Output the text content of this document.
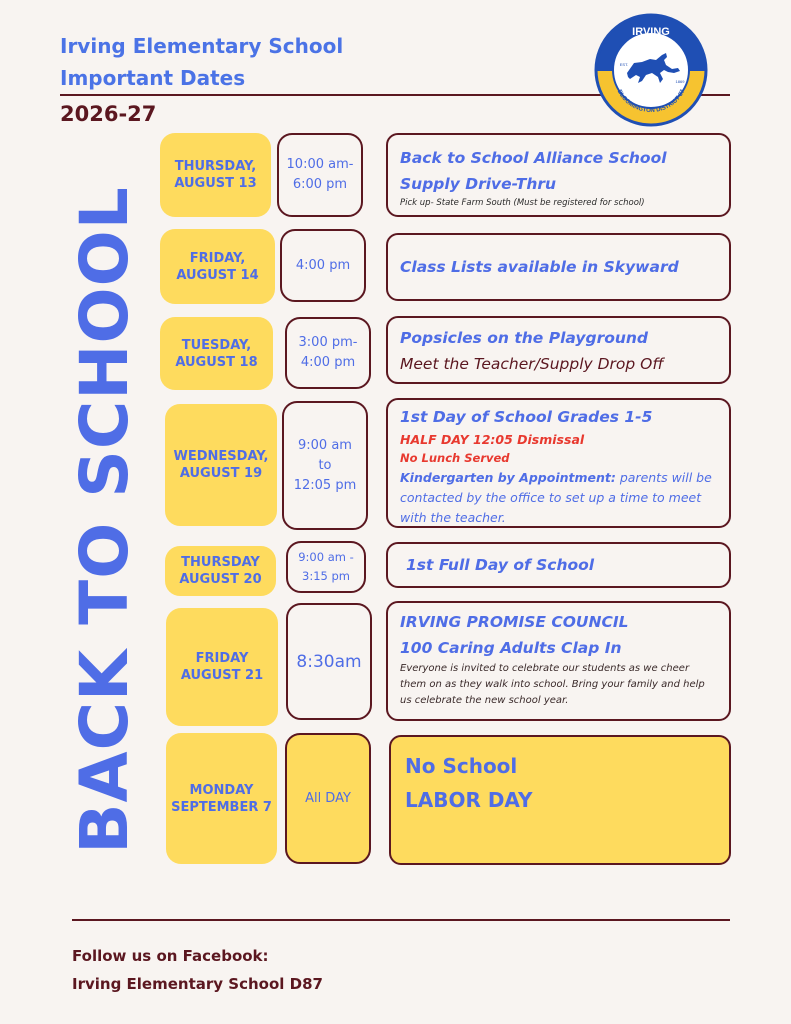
Irving Elementary School
Important Dates
2026-27
IRVING
EST.
1869
BLOOMINGTON DISTRICT 87
BACK TO SCHOOL
THURSDAY,
AUGUST 13
10:00 am-
6:00 pm
Back to School Alliance School Supply Drive-Thru
Pick up- State Farm South (Must be registered for school)
FRIDAY,
AUGUST 14
4:00 pm	Class Lists available in Skyward
TUESDAY,
AUGUST 18
3:00 pm-
4:00 pm
Popsicles on the Playground
Meet the Teacher/Supply Drop Off
WEDNESDAY,
AUGUST 19
9:00 am
to
12:05 pm
1st Day of School Grades 1-5
HALF DAY 12:05 Dismissal
No Lunch Served
Kindergarten by Appointment: parents will be contacted by the office to set up a time to meet with the teacher.
THURSDAY
AUGUST 20
9:00 am -
3:15 pm
1st Full Day of School
FRIDAY
AUGUST 21
8:30am
IRVING PROMISE COUNCIL
100 Caring Adults Clap In
Everyone is invited to celebrate our students as we cheer them on as they walk into school. Bring your family and help us celebrate the new school year.
MONDAY
SEPTEMBER 7
All DAY
No School
LABOR DAY
Follow us on Facebook:
Irving Elementary School D87
